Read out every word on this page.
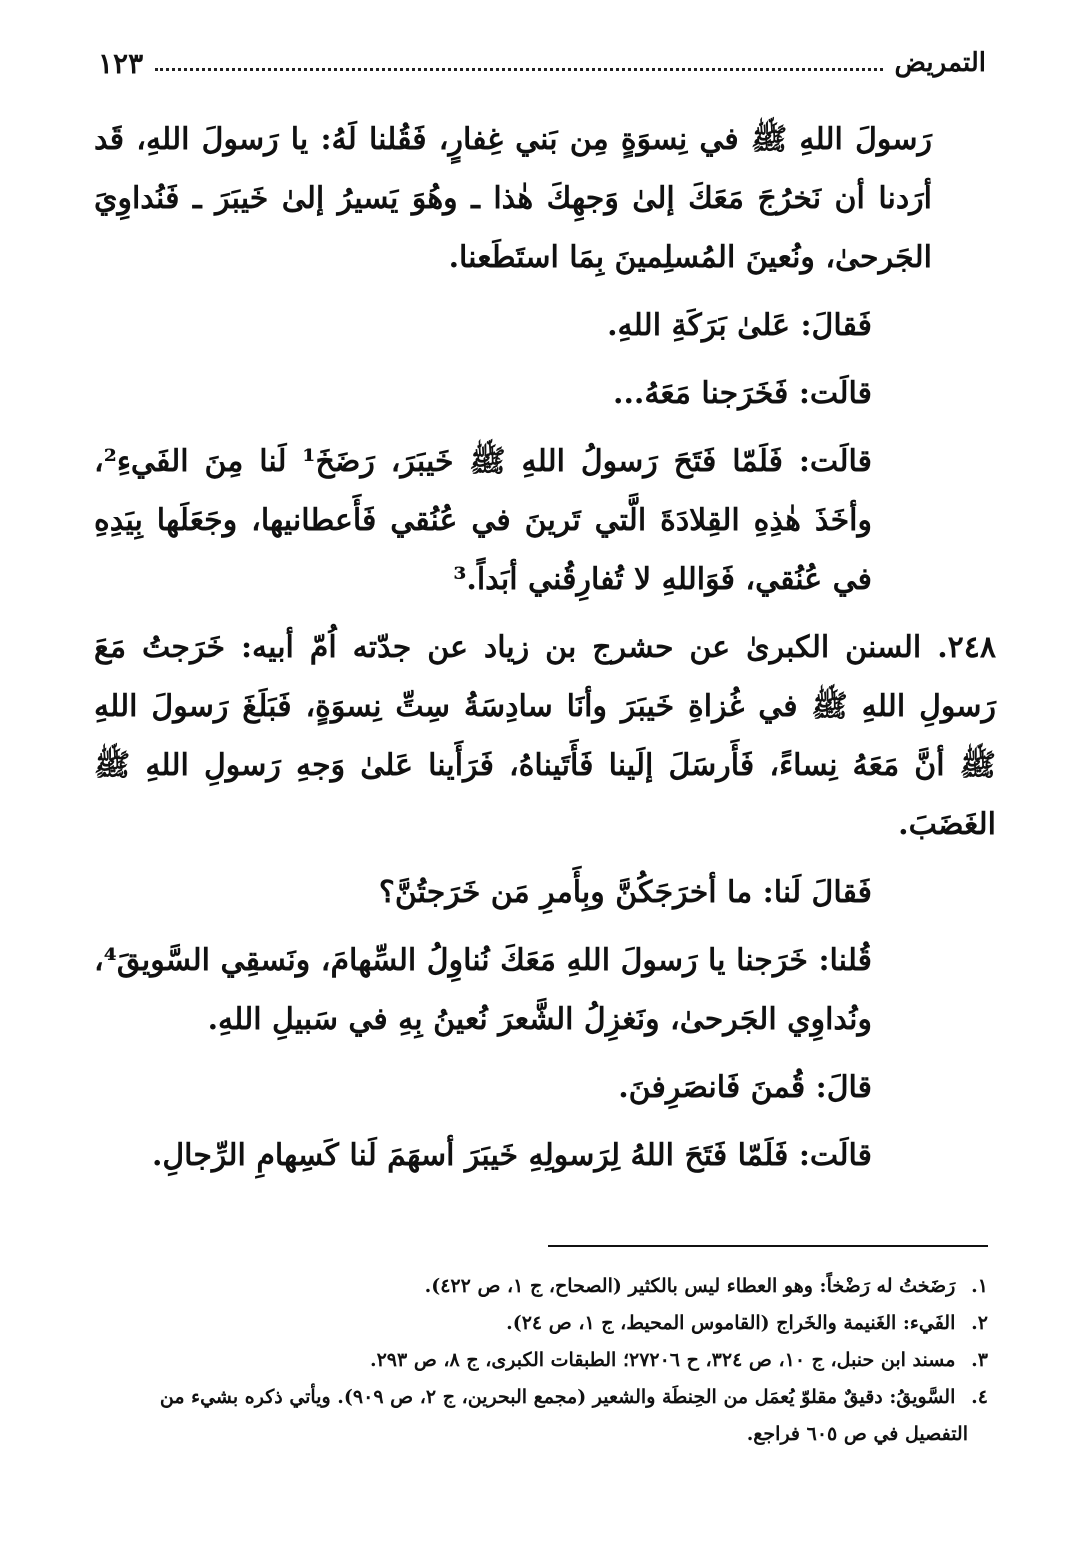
التمريض
١٢٣

رَسولَ اللهِ ﷺ في نِسوَةٍ مِن بَني غِفارٍ، فَقُلنا لَهُ: يا رَسولَ اللهِ، قَد أرَدنا أن نَخرُجَ مَعَكَ إلىٰ وَجهِكَ هٰذا ـ وهُوَ يَسيرُ إلىٰ خَيبَرَ ـ فَنُداوِيَ الجَرحىٰ، ونُعينَ المُسلِمينَ بِمَا استَطَعنا.

فَقالَ: عَلىٰ بَرَكَةِ اللهِ.

قالَت: فَخَرَجنا مَعَهُ...

قالَت: فَلَمّا فَتَحَ رَسولُ اللهِ ﷺ خَيبَرَ، رَضَخَ¹ لَنا مِنَ الفَيءِ²، وأخَذَ هٰذِهِ القِلادَةَ الَّتي تَرينَ في عُنُقي فَأَعطانيها، وجَعَلَها بِيَدِهِ في عُنُقي، فَوَاللهِ لا تُفارِقُني أبَداً.³

٢٤٨. السنن الكبرىٰ عن حشرج بن زياد عن جدّته اُمّ أبيه: خَرَجتُ مَعَ رَسولِ اللهِ ﷺ في غُزاةِ خَيبَرَ وأنَا سادِسَةُ سِتِّ نِسوَةٍ، فَبَلَغَ رَسولَ اللهِ ﷺ أنَّ مَعَهُ نِساءً، فَأَرسَلَ إلَينا فَأَتَيناهُ، فَرَأَينا عَلىٰ وَجهِ رَسولِ اللهِ ﷺ الغَضَبَ.

فَقالَ لَنا: ما أخرَجَكُنَّ وبِأَمرِ مَن خَرَجتُنَّ؟

قُلنا: خَرَجنا يا رَسولَ اللهِ مَعَكَ نُناوِلُ السِّهامَ، ونَسقِي السَّويقَ⁴، ونُداوِي الجَرحىٰ، ونَغزِلُ الشَّعرَ نُعينُ بِهِ في سَبيلِ اللهِ.

قالَ: قُمنَ فَانصَرِفنَ.

قالَت: فَلَمّا فَتَحَ اللهُ لِرَسولِهِ خَيبَرَ أسهَمَ لَنا كَسِهامِ الرِّجالِ.

١. رَضَختُ له رَضْخاً: وهو العطاء ليس بالكثير (الصحاح، ج ١، ص ٤٢٢).

٢. الفَيء: الغَنيمة والخَراج (القاموس المحيط، ج ١، ص ٢٤).

٣. مسند ابن حنبل، ج ١٠، ص ٣٢٤، ح ٢٧٢٠٦؛ الطبقات الكبرى، ج ٨، ص ٢٩٣.

٤. السَّويقُ: دقيقٌ مقلوّ يُعمَل من الحِنطَة والشعير (مجمع البحرين، ج ٢، ص ٩٠٩). ويأتي ذكره بشيء من
التفصيل في ص ٦٠٥ فراجع.
